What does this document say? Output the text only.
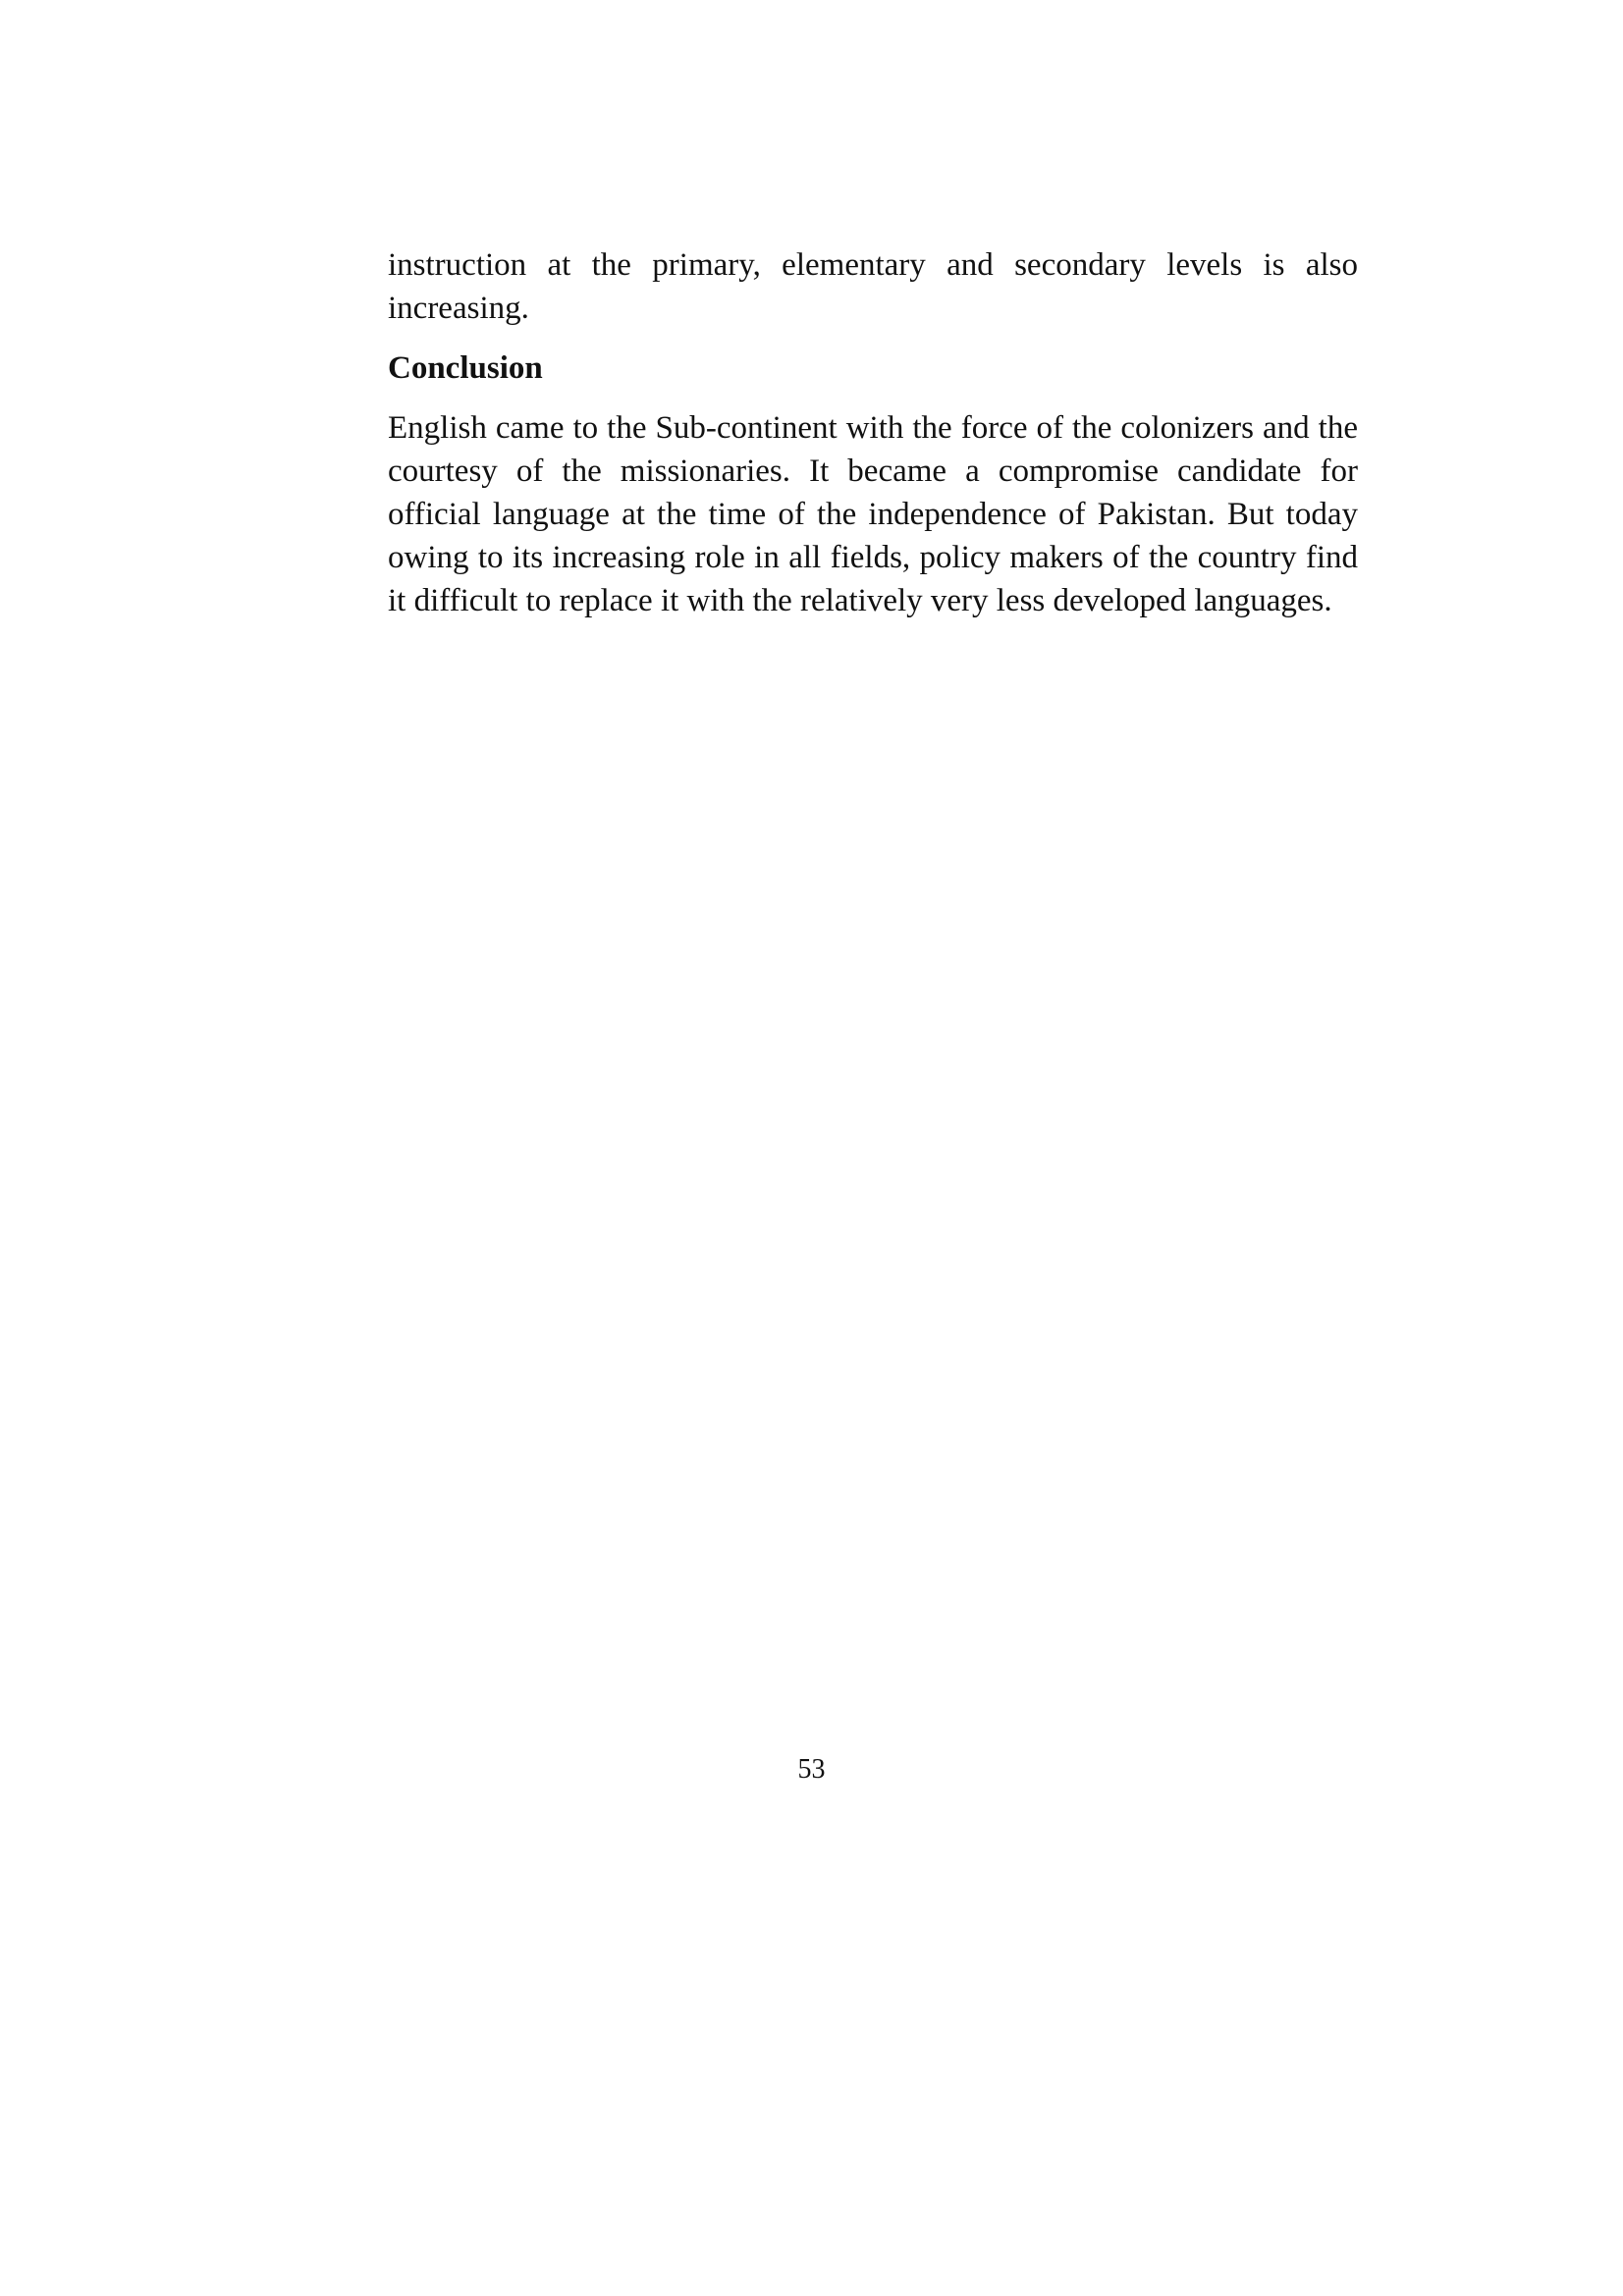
instruction at the primary, elementary and secondary levels is also increasing.

Conclusion

English came to the Sub-continent with the force of the colonizers and the courtesy of the missionaries. It became a compromise candidate for official language at the time of the independence of Pakistan. But today owing to its increasing role in all fields, policy makers of the country find it difficult to replace it with the relatively very less developed languages.

53
